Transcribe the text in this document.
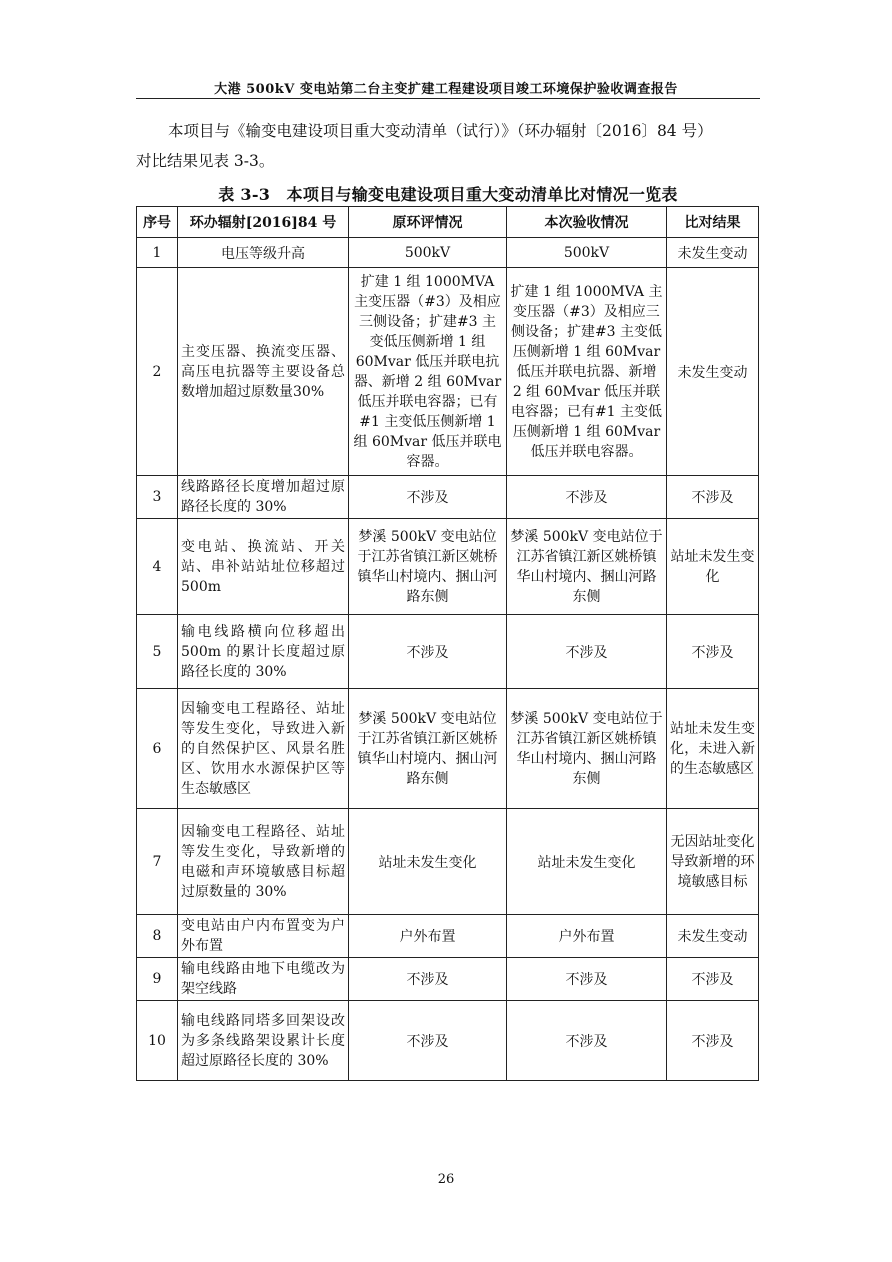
大港 500kV 变电站第二台主变扩建工程建设项目竣工环境保护验收调查报告
本项目与《输变电建设项目重大变动清单（试行）》（环办辐射〔2016〕84 号）
对比结果见表 3-3。
表 3-3　本项目与输变电建设项目重大变动清单比对情况一览表
序号	环办辐射[2016]84 号	原环评情况	本次验收情况	比对结果
1	电压等级升高	500kV	500kV	未发生变动
2	主变压器、换流变压器、高压电抗器等主要设备总数增加超过原数量30%	扩建 1 组 1000MVA 主变压器（#3）及相应三侧设备；扩建#3 主变低压侧新增 1 组 60Mvar 低压并联电抗器、新增 2 组 60Mvar 低压并联电容器；已有#1 主变低压侧新增 1 组 60Mvar 低压并联电容器。	扩建 1 组 1000MVA 主变压器（#3）及相应三侧设备；扩建#3 主变低压侧新增 1 组 60Mvar 低压并联电抗器、新增 2 组 60Mvar 低压并联电容器；已有#1 主变低压侧新增 1 组 60Mvar 低压并联电容器。	未发生变动
3	线路路径长度增加超过原路径长度的 30%	不涉及	不涉及	不涉及
4	变电站、换流站、开关站、串补站站址位移超过 500m	梦溪 500kV 变电站位于江苏省镇江新区姚桥镇华山村境内、捆山河路东侧	梦溪 500kV 变电站位于江苏省镇江新区姚桥镇华山村境内、捆山河路东侧	站址未发生变化
5	输电线路横向位移超出 500m 的累计长度超过原路径长度的 30%	不涉及	不涉及	不涉及
6	因输变电工程路径、站址等发生变化，导致进入新的自然保护区、风景名胜区、饮用水水源保护区等生态敏感区	梦溪 500kV 变电站位于江苏省镇江新区姚桥镇华山村境内、捆山河路东侧	梦溪 500kV 变电站位于江苏省镇江新区姚桥镇华山村境内、捆山河路东侧	站址未发生变化，未进入新的生态敏感区
7	因输变电工程路径、站址等发生变化，导致新增的电磁和声环境敏感目标超过原数量的 30%	站址未发生变化	站址未发生变化	无因站址变化导致新增的环境敏感目标
8	变电站由户内布置变为户外布置	户外布置	户外布置	未发生变动
9	输电线路由地下电缆改为架空线路	不涉及	不涉及	不涉及
10	输电线路同塔多回架设改为多条线路架设累计长度超过原路径长度的 30%	不涉及	不涉及	不涉及
26
